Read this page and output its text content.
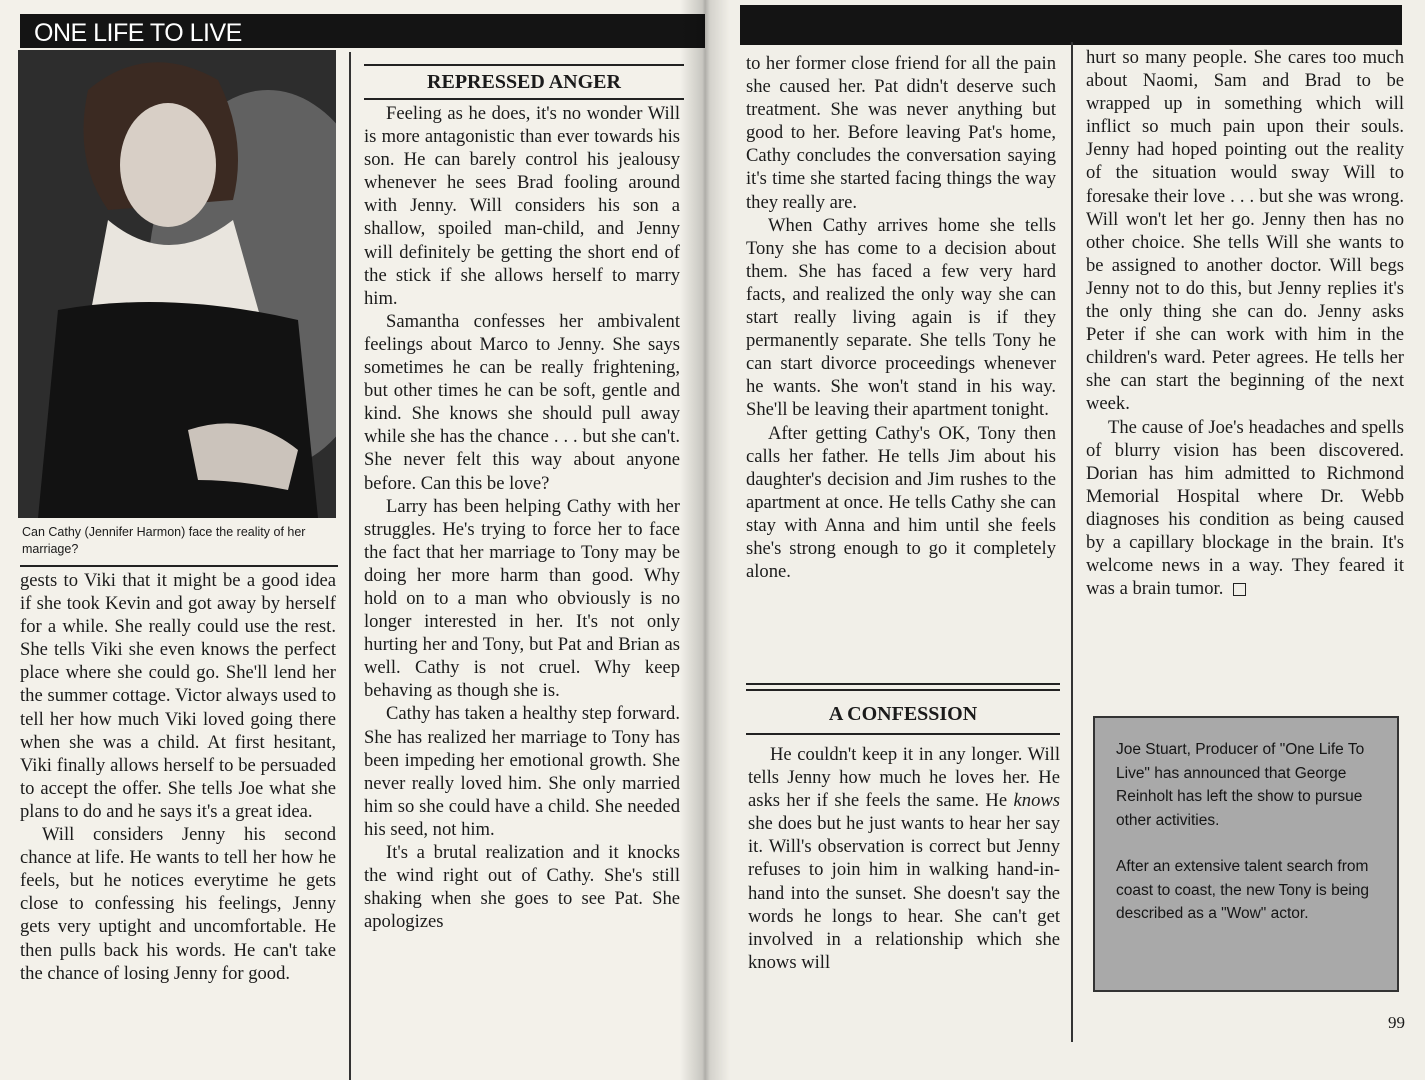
ONE LIFE TO LIVE
Can Cathy (Jennifer Harmon) face the reality of her marriage?

gests to Viki that it might be a good idea if she took Kevin and got away by herself for a while. She really could use the rest. She tells Viki she even knows the perfect place where she could go. She'll lend her the summer cottage. Victor always used to tell her how much Viki loved going there when she was a child. At first hesitant, Viki finally allows herself to be persuaded to accept the offer. She tells Joe what she plans to do and he says it's a great idea.

Will considers Jenny his second chance at life. He wants to tell her how he feels, but he notices everytime he gets close to confessing his feelings, Jenny gets very uptight and uncomfortable. He then pulls back his words. He can't take the chance of losing Jenny for good.

REPRESSED ANGER

Feeling as he does, it's no wonder Will is more antagonistic than ever towards his son. He can barely control his jealousy whenever he sees Brad fooling around with Jenny. Will considers his son a shallow, spoiled man-child, and Jenny will definitely be getting the short end of the stick if she allows herself to marry him.

Samantha confesses her ambivalent feelings about Marco to Jenny. She says sometimes he can be really frightening, but other times he can be soft, gentle and kind. She knows she should pull away while she has the chance . . . but she can't. She never felt this way about anyone before. Can this be love?

Larry has been helping Cathy with her struggles. He's trying to force her to face the fact that her marriage to Tony may be doing her more harm than good. Why hold on to a man who obviously is no longer interested in her. It's not only hurting her and Tony, but Pat and Brian as well. Cathy is not cruel. Why keep behaving as though she is.

Cathy has taken a healthy step forward. She has realized her marriage to Tony has been impeding her emotional growth. She never really loved him. She only married him so she could have a child. She needed his seed, not him.

It's a brutal realization and it knocks the wind right out of Cathy. She's still shaking when she goes to see Pat. She apologizes

to her former close friend for all the pain she caused her. Pat didn't deserve such treatment. She was never anything but good to her. Before leaving Pat's home, Cathy concludes the conversation saying it's time she started facing things the way they really are.

When Cathy arrives home she tells Tony she has come to a decision about them. She has faced a few very hard facts, and realized the only way she can start really living again is if they permanently separate. She tells Tony he can start divorce proceedings whenever he wants. She won't stand in his way. She'll be leaving their apartment tonight.

After getting Cathy's OK, Tony then calls her father. He tells Jim about his daughter's decision and Jim rushes to the apartment at once. He tells Cathy she can stay with Anna and him until she feels she's strong enough to go it completely alone.

A CONFESSION

He couldn't keep it in any longer. Will tells Jenny how much he loves her. He asks her if she feels the same. He knows she does but he just wants to hear her say it. Will's observation is correct but Jenny refuses to join him in walking hand-in-hand into the sunset. She doesn't say the words he longs to hear. She can't get involved in a relationship which she knows will

hurt so many people. She cares too much about Naomi, Sam and Brad to be wrapped up in something which will inflict so much pain upon their souls. Jenny had hoped pointing out the reality of the situation would sway Will to foresake their love . . . but she was wrong. Will won't let her go. Jenny then has no other choice. She tells Will she wants to be assigned to another doctor. Will begs Jenny not to do this, but Jenny replies it's the only thing she can do. Jenny asks Peter if she can work with him in the children's ward. Peter agrees. He tells her she can start the beginning of the next week.

The cause of Joe's headaches and spells of blurry vision has been discovered. Dorian has him admitted to Richmond Memorial Hospital where Dr. Webb diagnoses his condition as being caused by a capillary blockage in the brain. It's welcome news in a way. They feared it was a brain tumor.

Joe Stuart, Producer of "One Life To Live" has announced that George Reinholt has left the show to pursue other activities.

After an extensive talent search from coast to coast, the new Tony is being described as a "Wow" actor.

99
